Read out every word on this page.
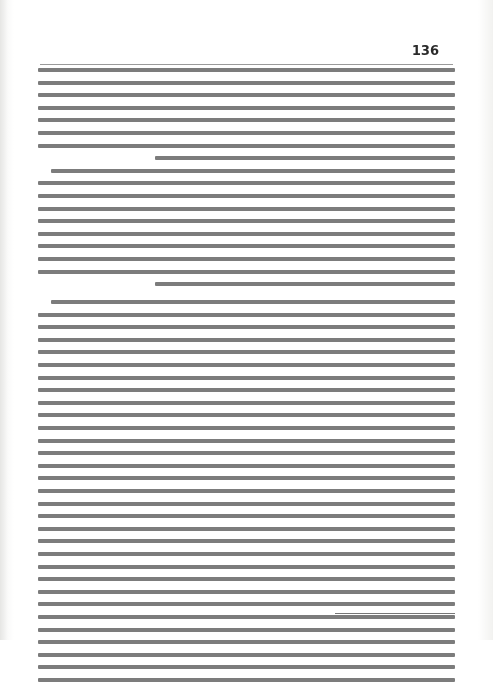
136
